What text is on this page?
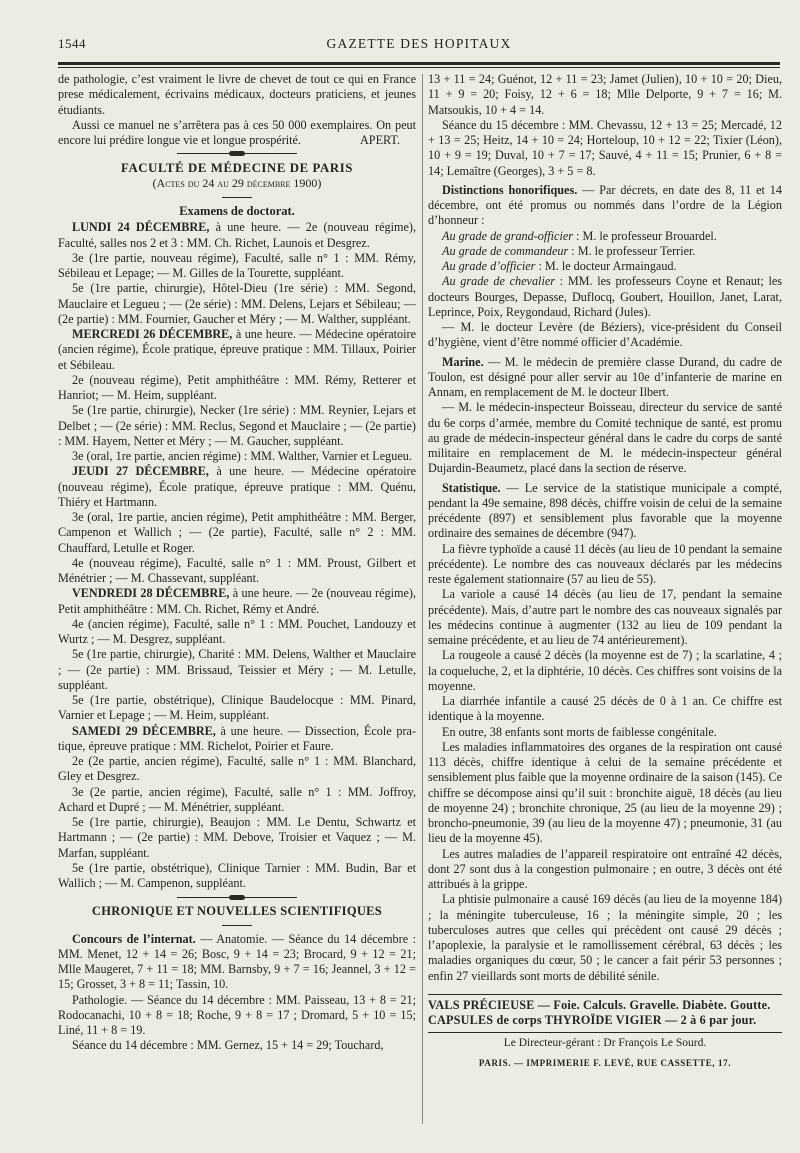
1544	GAZETTE DES HOPITAUX

de pathologie, c’est vraiment le livre de chevet de tout ce qui en France prese médicalement, écrivains médicaux, docteurs praticiens, et jeunes étudiants.

Aussi ce manuel ne s’arrêtera pas à ces 50 000 exemplaires. On peut encore lui prédire longue vie et longue prospérité.	APERT.

FACULTÉ DE MÉDECINE DE PARIS

(Actes du 24 au 29 décembre 1900)

Examens de doctorat.

LUNDI 24 DÉCEMBRE, à une heure. — 2e (nouveau régime), Faculté, salles nos 2 et 3 : MM. Ch. Richet, Launois et Desgrez.

3e (1re partie, nouveau régime), Faculté, salle n° 1 : MM. Rémy, Sébileau et Lepage; — M. Gilles de la Tourette, suppléant.

5e (1re partie, chirurgie), Hôtel-Dieu (1re série) : MM. Segond, Mauclaire et Legueu ; — (2e série) : MM. Delens, Lejars et Sébileau; — (2e partie) : MM. Fournier, Gaucher et Méry ; — M. Walther, suppléant.

MERCREDI 26 DÉCEMBRE, à une heure. — Médecine opératoire (ancien régime), École pratique, épreuve pratique : MM. Tillaux, Poirier et Sébileau.

2e (nouveau régime), Petit amphithéâtre : MM. Rémy, Retterer et Hanriot; — M. Heim, suppléant.

5e (1re partie, chirurgie), Necker (1re série) : MM. Reynier, Lejars et Delbet ; — (2e série) : MM. Reclus, Segond et Mauclaire ; — (2e partie) : MM. Hayem, Netter et Méry ; — M. Gaucher, suppléant.

3e (oral, 1re partie, ancien régime) : MM. Walther, Varnier et Legueu.

JEUDI 27 DÉCEMBRE, à une heure. — Médecine opératoire (nouveau régime), École pratique, épreuve pratique : MM. Quénu, Thiéry et Hartmann.

3e (oral, 1re partie, ancien régime), Petit amphithéâtre : MM. Berger, Campenon et Wallich ; — (2e partie), Faculté, salle n° 2 : MM. Chauffard, Letulle et Roger.

4e (nouveau régime), Faculté, salle n° 1 : MM. Proust, Gilbert et Ménétrier ; — M. Chassevant, suppléant.

VENDREDI 28 DÉCEMBRE, à une heure. — 2e (nouveau régime), Petit amphithéâtre : MM. Ch. Richet, Rémy et André.

4e (ancien régime), Faculté, salle n° 1 : MM. Pouchet, Landouzy et Wurtz ; — M. Desgrez, suppléant.

5e (1re partie, chirurgie), Charité : MM. Delens, Walther et Mauclaire ; — (2e partie) : MM. Brissaud, Teissier et Méry ; — M. Letulle, suppléant.

5e (1re partie, obstétrique), Clinique Baudelocque : MM. Pinard, Varnier et Lepage ; — M. Heim, suppléant.

SAMEDI 29 DÉCEMBRE, à une heure. — Dissection, École pratique, épreuve pratique : MM. Richelot, Poirier et Faure.

2e (2e partie, ancien régime), Faculté, salle n° 1 : MM. Blanchard, Gley et Desgrez.

3e (2e partie, ancien régime), Faculté, salle n° 1 : MM. Joffroy, Achard et Dupré ; — M. Ménétrier, suppléant.

5e (1re partie, chirurgie), Beaujon : MM. Le Dentu, Schwartz et Hartmann ; — (2e partie) : MM. Debove, Troisier et Vaquez ; — M. Marfan, suppléant.

5e (1re partie, obstétrique), Clinique Tarnier : MM. Budin, Bar et Wallich ; — M. Campenon, suppléant.

CHRONIQUE ET NOUVELLES SCIENTIFIQUES

Concours de l’internat. — Anatomie. — Séance du 14 décembre : MM. Menet, 12 + 14 = 26; Bosc, 9 + 14 = 23; Brocard, 9 + 12 = 21; Mlle Maugeret, 7 + 11 = 18; MM. Barnsby, 9 + 7 = 16; Jeannel, 3 + 12 = 15; Grosset, 3 + 8 = 11; Tassin, 10.

Pathologie. — Séance du 14 décembre : MM. Paisseau, 13 + 8 = 21; Rodocanachi, 10 + 8 = 18; Roche, 9 + 8 = 17 ; Dromard, 5 + 10 = 15; Liné, 11 + 8 = 19.

Séance du 14 décembre : MM. Gernez, 15 + 14 = 29; Touchard,

13 + 11 = 24; Guénot, 12 + 11 = 23; Jamet (Julien), 10 + 10 = 20; Dieu, 11 + 9 = 20; Foisy, 12 + 6 = 18; Mlle Delporte, 9 + 7 = 16; M. Matsoukis, 10 + 4 = 14.

Séance du 15 décembre : MM. Chevassu, 12 + 13 = 25; Mercadé, 12 + 13 = 25; Heitz, 14 + 10 = 24; Horteloup, 10 + 12 = 22; Tixier (Léon), 10 + 9 = 19; Duval, 10 + 7 = 17; Sauvé, 4 + 11 = 15; Prunier, 6 + 8 = 14; Lemaître (Georges), 3 + 5 = 8.

Distinctions honorifiques. — Par décrets, en date des 8, 11 et 14 décembre, ont été promus ou nommés dans l’ordre de la Légion d’honneur :

Au grade de grand-officier : M. le professeur Brouardel.

Au grade de commandeur : M. le professeur Terrier.

Au grade d’officier : M. le docteur Armaingaud.

Au grade de chevalier : MM. les professeurs Coyne et Renaut; les docteurs Bourges, Depasse, Duflocq, Goubert, Houillon, Janet, Larat, Leprince, Poix, Reygondaud, Richard (Jules).

— M. le docteur Levère (de Béziers), vice-président du Conseil d’hygiène, vient d’être nommé officier d’Académie.

Marine. — M. le médecin de première classe Durand, du cadre de Toulon, est désigné pour aller servir au 10e d’infanterie de marine en Annam, en remplacement de M. le docteur Ilbert.

— M. le médecin-inspecteur Boisseau, directeur du service de santé du 6e corps d’armée, membre du Comité technique de santé, est promu au grade de médecin-inspecteur général dans le cadre du corps de santé militaire en remplacement de M. le médecin-inspecteur général Dujardin-Beaumetz, placé dans la section de réserve.

Statistique. — Le service de la statistique municipale a compté, pendant la 49e semaine, 898 décès, chiffre voisin de celui de la semaine précédente (897) et sensiblement plus favorable que la moyenne ordinaire des semaines de décembre (947).

La fièvre typhoïde a causé 11 décès (au lieu de 10 pendant la semaine précédente). Le nombre des cas nouveaux déclarés par les médecins reste également stationnaire (57 au lieu de 55).

La variole a causé 14 décès (au lieu de 17, pendant la semaine précédente). Mais, d’autre part le nombre des cas nouveaux signalés par les médecins continue à augmenter (132 au lieu de 109 pendant la semaine précédente, et au lieu de 74 antérieurement).

La rougeole a causé 2 décès (la moyenne est de 7) ; la scarlatine, 4 ; la coqueluche, 2, et la diphtérie, 10 décès. Ces chiffres sont voisins de la moyenne.

La diarrhée infantile a causé 25 décès de 0 à 1 an. Ce chiffre est identique à la moyenne.

En outre, 38 enfants sont morts de faiblesse congénitale.

Les maladies inflammatoires des organes de la respiration ont causé 113 décès, chiffre identique à celui de la semaine précédente et sensiblement plus faible que la moyenne ordinaire de la saison (145). Ce chiffre se décompose ainsi qu’il suit : bronchite aiguë, 18 décès (au lieu de moyenne 24) ; bronchite chronique, 25 (au lieu de la moyenne 29) ; broncho-pneumonie, 39 (au lieu de la moyenne 47) ; pneumonie, 31 (au lieu de la moyenne 45).

Les autres maladies de l’appareil respiratoire ont entraîné 42 décès, dont 27 sont dus à la congestion pulmonaire ; en outre, 3 décès ont été attribués à la grippe.

La phtisie pulmonaire a causé 169 décès (au lieu de la moyenne 184) ; la méningite tuberculeuse, 16 ; la méningite simple, 20 ; les tuberculoses autres que celles qui précèdent ont causé 29 décès ; l’apoplexie, la paralysie et le ramollissement cérébral, 63 décès ; les maladies organiques du cœur, 50 ; le cancer a fait périr 53 personnes ; enfin 27 vieillards sont morts de débilité sénile.

VALS PRÉCIEUSE — Foie. Calculs. Gravelle. Diabète. Goutte.

CAPSULES de corps THYROÏDE VIGIER — 2 à 6 par jour.

Le Directeur-gérant : Dr François Le Sourd.

PARIS. — IMPRIMERIE F. LEVÉ, RUE CASSETTE, 17.
